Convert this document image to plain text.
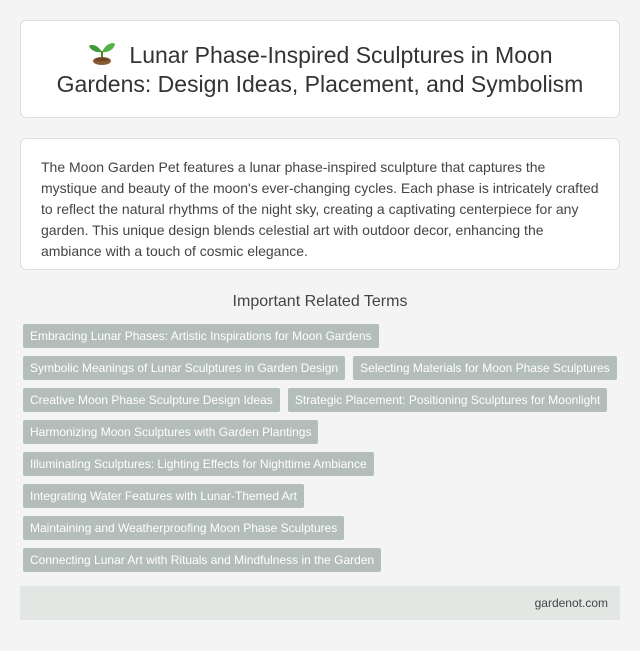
Lunar Phase-Inspired Sculptures in Moon Gardens: Design Ideas, Placement, and Symbolism

The Moon Garden Pet features a lunar phase-inspired sculpture that captures the mystique and beauty of the moon's ever-changing cycles. Each phase is intricately crafted to reflect the natural rhythms of the night sky, creating a captivating centerpiece for any garden. This unique design blends celestial art with outdoor decor, enhancing the ambiance with a touch of cosmic elegance.

Important Related Terms
Embracing Lunar Phases: Artistic Inspirations for Moon Gardens
Symbolic Meanings of Lunar Sculptures in Garden Design	Selecting Materials for Moon Phase Sculptures
Creative Moon Phase Sculpture Design Ideas	Strategic Placement: Positioning Sculptures for Moonlight
Harmonizing Moon Sculptures with Garden Plantings
Illuminating Sculptures: Lighting Effects for Nighttime Ambiance
Integrating Water Features with Lunar-Themed Art
Maintaining and Weatherproofing Moon Phase Sculptures
Connecting Lunar Art with Rituals and Mindfulness in the Garden
gardenot.com
